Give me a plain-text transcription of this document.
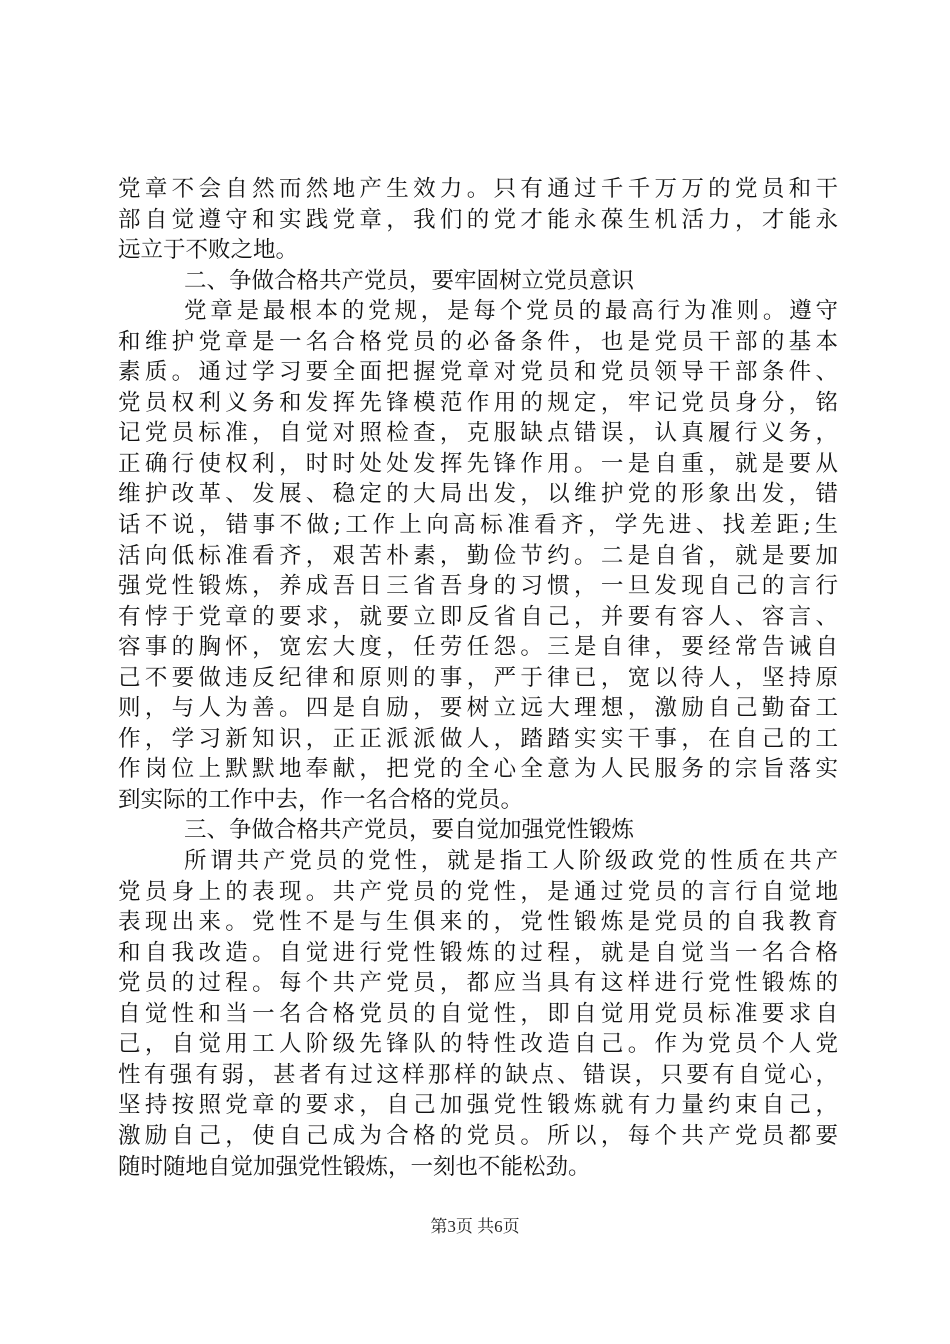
党章不会自然而然地产生效力。只有通过千千万万的党员和干
部自觉遵守和实践党章，我们的党才能永葆生机活力，才能永
远立于不败之地。
二、争做合格共产党员，要牢固树立党员意识
党章是最根本的党规，是每个党员的最高行为准则。遵守
和维护党章是一名合格党员的必备条件，也是党员干部的基本
素质。通过学习要全面把握党章对党员和党员领导干部条件、
党员权利义务和发挥先锋模范作用的规定，牢记党员身分，铭
记党员标准，自觉对照检查，克服缺点错误，认真履行义务，
正确行使权利，时时处处发挥先锋作用。一是自重，就是要从
维护改革、发展、稳定的大局出发，以维护党的形象出发，错
话不说，错事不做;工作上向高标准看齐，学先进、找差距;生
活向低标准看齐，艰苦朴素，勤俭节约。二是自省，就是要加
强党性锻炼，养成吾日三省吾身的习惯，一旦发现自己的言行
有悖于党章的要求，就要立即反省自己，并要有容人、容言、
容事的胸怀，宽宏大度，任劳任怨。三是自律，要经常告诫自
己不要做违反纪律和原则的事，严于律已，宽以待人，坚持原
则，与人为善。四是自励，要树立远大理想，激励自己勤奋工
作，学习新知识，正正派派做人，踏踏实实干事，在自己的工
作岗位上默默地奉献，把党的全心全意为人民服务的宗旨落实
到实际的工作中去，作一名合格的党员。
三、争做合格共产党员，要自觉加强党性锻炼
所谓共产党员的党性，就是指工人阶级政党的性质在共产
党员身上的表现。共产党员的党性，是通过党员的言行自觉地
表现出来。党性不是与生俱来的，党性锻炼是党员的自我教育
和自我改造。自觉进行党性锻炼的过程，就是自觉当一名合格
党员的过程。每个共产党员，都应当具有这样进行党性锻炼的
自觉性和当一名合格党员的自觉性，即自觉用党员标准要求自
己，自觉用工人阶级先锋队的特性改造自己。作为党员个人党
性有强有弱，甚者有过这样那样的缺点、错误，只要有自觉心，
坚持按照党章的要求，自己加强党性锻炼就有力量约束自己，
激励自己，使自己成为合格的党员。所以，每个共产党员都要
随时随地自觉加强党性锻炼，一刻也不能松劲。
第3页 共6页
